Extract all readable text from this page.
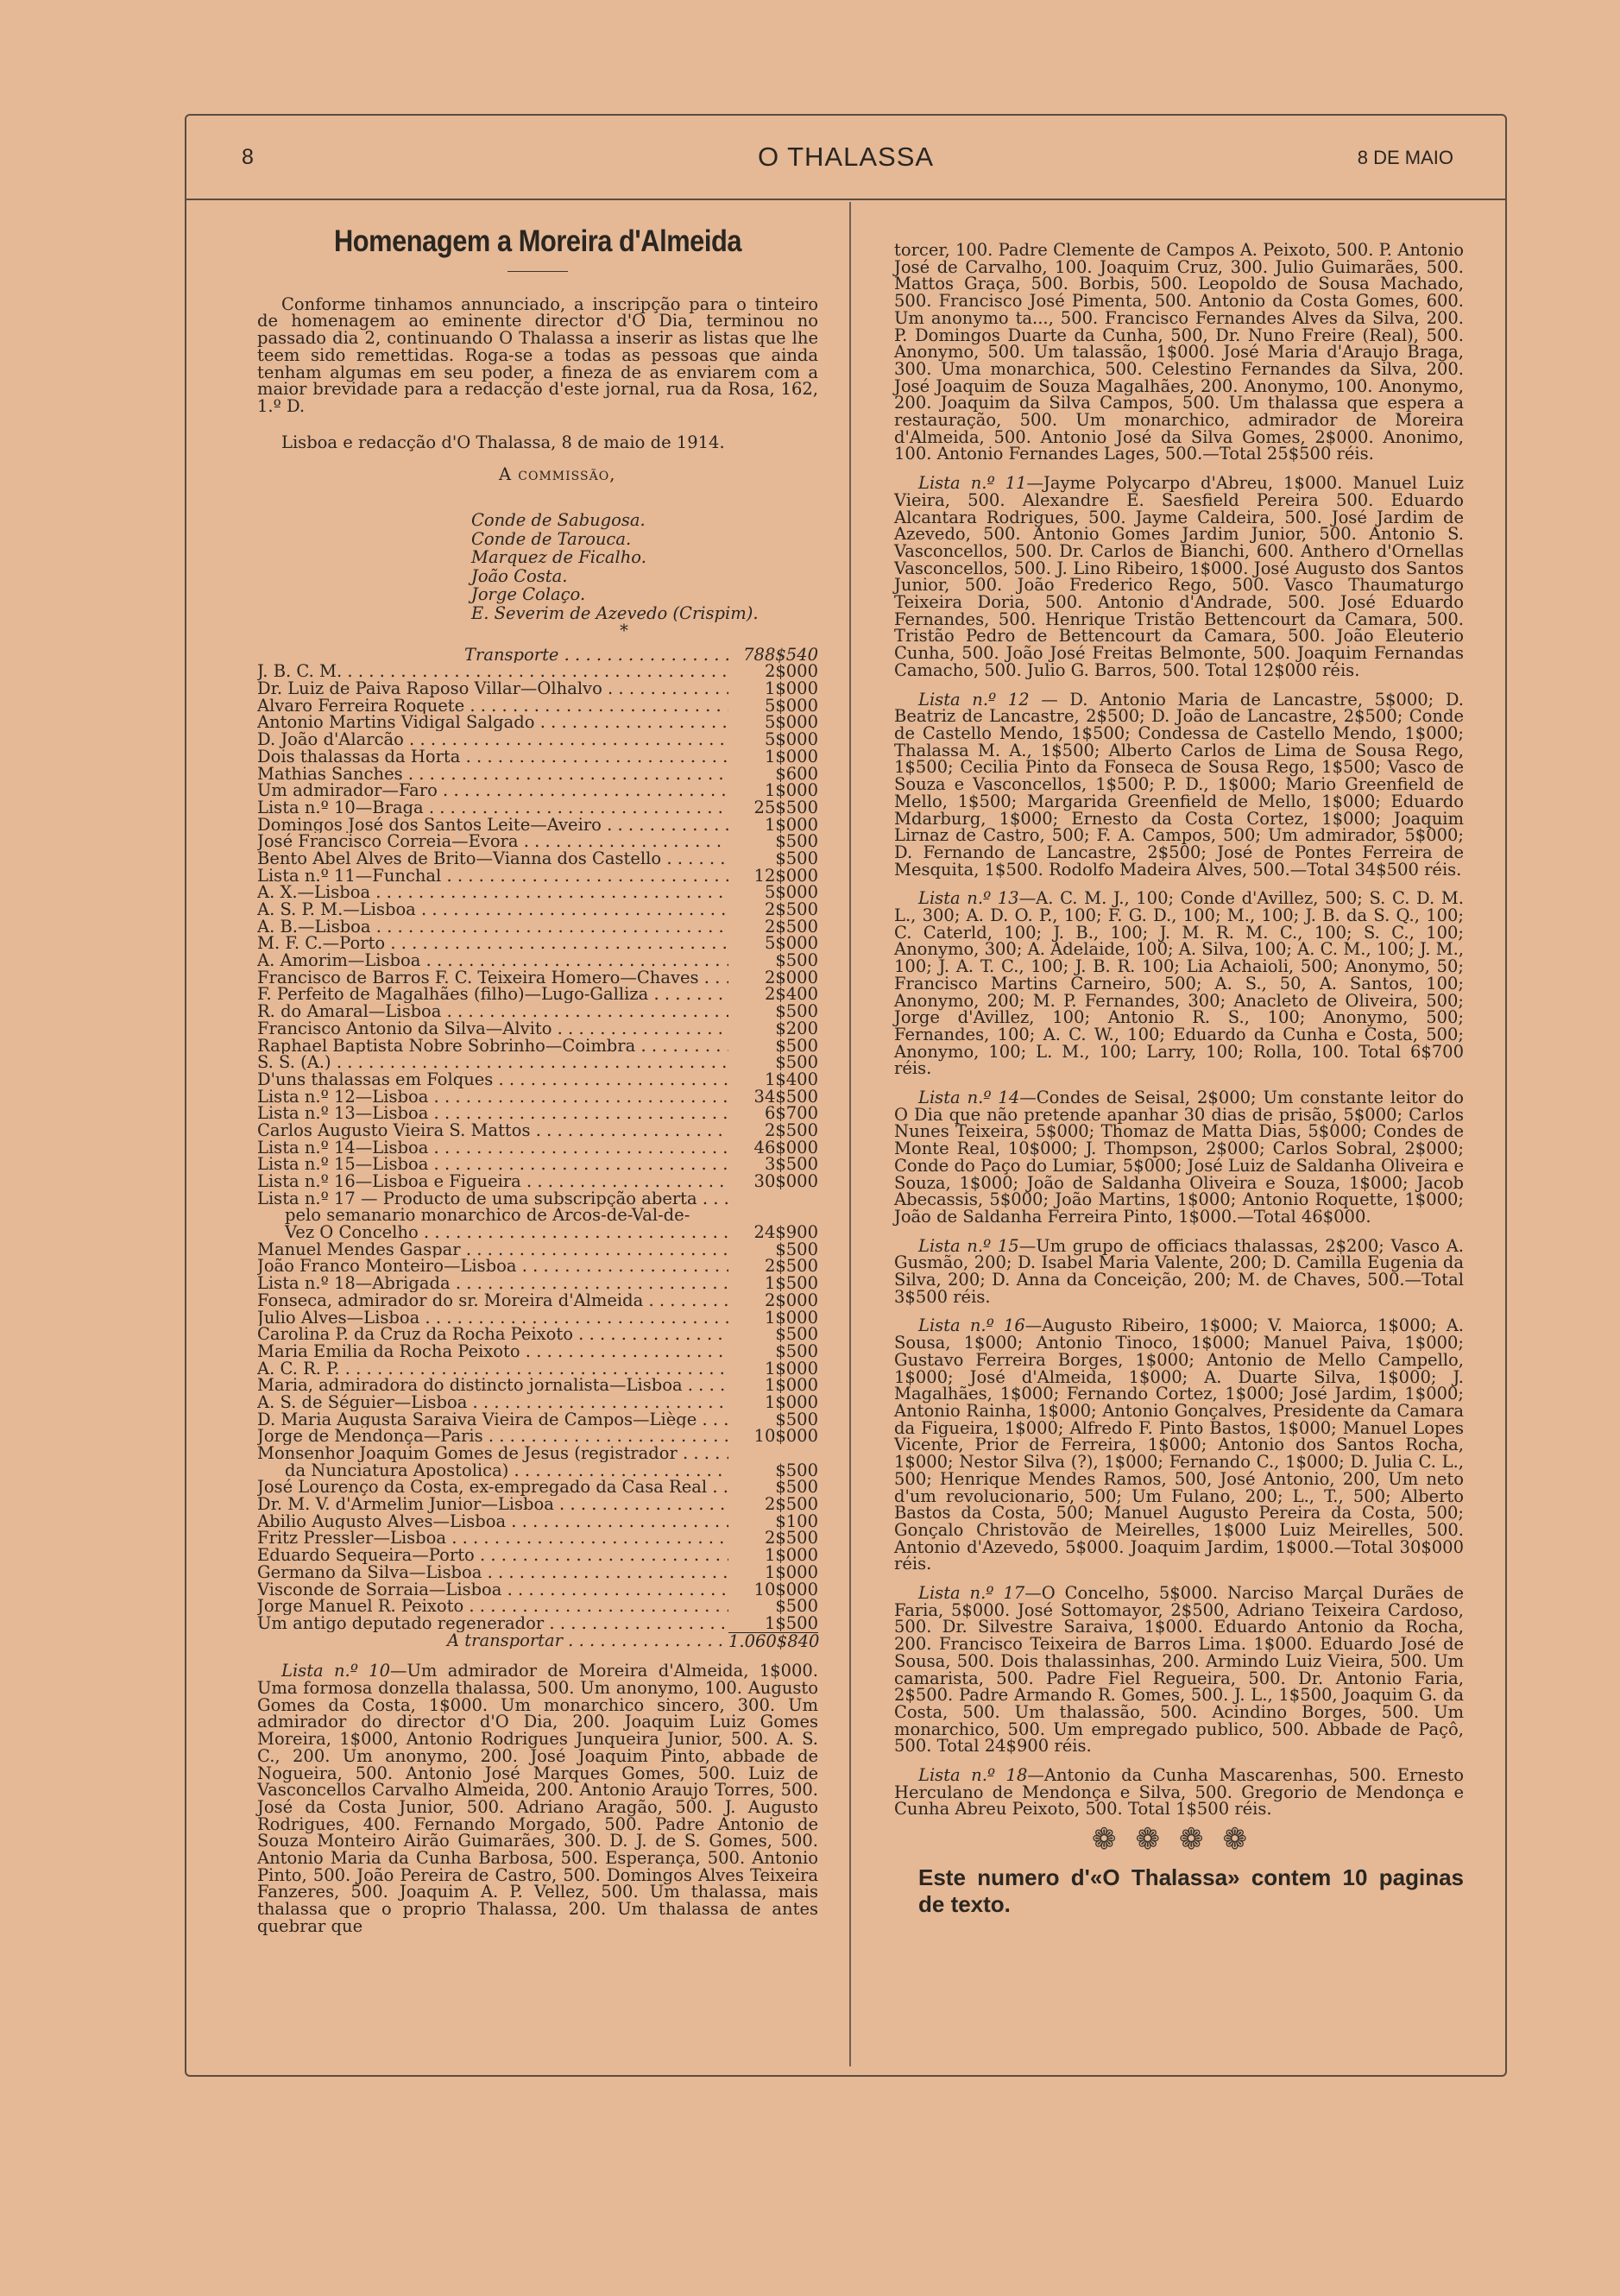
8	O THALASSA	8 DE MAIO
Homenagem a Moreira d'Almeida

Conforme tinhamos annunciado, a inscripção para o tinteiro de homenagem ao eminente director d'O Dia, terminou no passado dia 2, continuando O Thalassa a inserir as listas que lhe teem sido remettidas. Roga-se a todas as pessoas que ainda tenham algumas em seu poder, a fineza de as enviarem com a maior brevidade para a redacção d'este jornal, rua da Rosa, 162, 1.º D.

Lisboa e redacção d'O Thalassa, 8 de maio de 1914.

A commissão,
Conde de Sabugosa.
Conde de Tarouca.
Marquez de Ficalho.
João Costa.
Jorge Colaço.
E. Severim de Azevedo (Crispim).
*
Transporte . . .	788$540
J. B. C. M. . . .	2$000
Dr. Luiz de Paiva Raposo Villar—Olhalvo . . .	1$000
Alvaro Ferreira Roquete . . .	5$000
Antonio Martins Vidigal Salgado . . .	5$000
D. João d'Alarcão . . .	5$000
Dois thalassas da Horta . . .	1$000
Mathias Sanches . . .	$600
Um admirador—Faro . . .	1$000
Lista n.º 10—Braga . . .	25$500
Domingos José dos Santos Leite—Aveiro . . .	1$000
José Francisco Correia—Evora . . .	$500
Bento Abel Alves de Brito—Vianna dos Castello . . .	$500
Lista n.º 11—Funchal . . .	12$000
A. X.—Lisboa . . .	5$000
A. S. P. M.—Lisboa . . .	2$500
A. B.—Lisboa . . .	2$500
M. F. C.—Porto . . .	5$000
A. Amorim—Lisboa . . .	$500
Francisco de Barros F. C. Teixeira Homero—Chaves . . .	2$000
F. Perfeito de Magalhães (filho)—Lugo-Galliza . . .	2$400
R. do Amaral—Lisboa . . .	$500
Francisco Antonio da Silva—Alvito . . .	$200
Raphael Baptista Nobre Sobrinho—Coimbra . . .	$500
S. S. (A.) . . .	$500
D'uns thalassas em Folques . . .	1$400
Lista n.º 12—Lisboa . . .	34$500
Lista n.º 13—Lisboa . . .	6$700
Carlos Augusto Vieira S. Mattos . . .	2$500
Lista n.º 14—Lisboa . . .	46$000
Lista n.º 15—Lisboa . . .	3$500
Lista n.º 16—Lisboa e Figueira . . .	30$000
Lista n.º 17 — Producto de uma subscripção aberta . . .
pelo semanario monarchico de Arcos-de-Val-de-
Vez O Concelho . . .	24$900
Manuel Mendes Gaspar . . .	$500
João Franco Monteiro—Lisboa . . .	2$500
Lista n.º 18—Abrigada . . .	1$500
Fonseca, admirador do sr. Moreira d'Almeida . . .	2$000
Julio Alves—Lisboa . . .	1$000
Carolina P. da Cruz da Rocha Peixoto . . .	$500
Maria Emilia da Rocha Peixoto . . .	$500
A. C. R. P. . . .	1$000
Maria, admiradora do distincto jornalista—Lisboa . . .	1$000
A. S. de Séguier—Lisboa . . .	1$000
D. Maria Augusta Saraiva Vieira de Campos—Liège . . .	$500
Jorge de Mendonça—Paris . . .	10$000
Monsenhor Joaquim Gomes de Jesus (registrador . . .
da Nunciatura Apostolica) . . .	$500
José Lourenço da Costa, ex-empregado da Casa Real . . .	$500
Dr. M. V. d'Armelim Junior—Lisboa . . .	2$500
Abilio Augusto Alves—Lisboa . . .	$100
Fritz Pressler—Lisboa . . .	2$500
Eduardo Sequeira—Porto . . .	1$000
Germano da Silva—Lisboa . . .	1$000
Visconde de Sorraia—Lisboa . . .	10$000
Jorge Manuel R. Peixoto . . .	$500
Um antigo deputado regenerador . . .	1$500
A transportar . . .	1.060$840

Lista n.º 10—Um admirador de Moreira d'Almeida, 1$000. Uma formosa donzella thalassa, 500. Um anonymo, 100. Augusto Gomes da Costa, 1$000. Um monarchico sincero, 300. Um admirador do director d'O Dia, 200. Joaquim Luiz Gomes Moreira, 1$000, Antonio Rodrigues Junqueira Junior, 500. A. S. C., 200. Um anonymo, 200. José Joaquim Pinto, abbade de Nogueira, 500. Antonio José Marques Gomes, 500. Luiz de Vasconcellos Carvalho Almeida, 200. Antonio Araujo Torres, 500. José da Costa Junior, 500. Adriano Aragão, 500. J. Augusto Rodrigues, 400. Fernando Morgado, 500. Padre Antonio de Souza Monteiro Airão Guimarães, 300. D. J. de S. Gomes, 500. Antonio Maria da Cunha Barbosa, 500. Esperança, 500. Antonio Pinto, 500. João Pereira de Castro, 500. Domingos Alves Teixeira Fanzeres, 500. Joaquim A. P. Vellez, 500. Um thalassa, mais thalassa que o proprio Thalassa, 200. Um thalassa de antes quebrar que

torcer, 100. Padre Clemente de Campos A. Peixoto, 500. P. Antonio José de Carvalho, 100. Joaquim Cruz, 300. Julio Guimarães, 500. Mattos Graça, 500. Borbis, 500. Leopoldo de Sousa Machado, 500. Francisco José Pimenta, 500. Antonio da Costa Gomes, 600. Um anonymo ta..., 500. Francisco Fernandes Alves da Silva, 200. P. Domingos Duarte da Cunha, 500, Dr. Nuno Freire (Real), 500. Anonymo, 500. Um talassão, 1$000. José Maria d'Araujo Braga, 300. Uma monarchica, 500. Celestino Fernandes da Silva, 200. José Joaquim de Souza Magalhães, 200. Anonymo, 100. Anonymo, 200. Joaquim da Silva Campos, 500. Um thalassa que espera a restauração, 500. Um monarchico, admirador de Moreira d'Almeida, 500. Antonio José da Silva Gomes, 2$000. Anonimo, 100. Antonio Fernandes Lages, 500.—Total 25$500 réis.

Lista n.º 11—Jayme Polycarpo d'Abreu, 1$000. Manuel Luiz Vieira, 500. Alexandre E. Saesfield Pereira 500. Eduardo Alcantara Rodrigues, 500. Jayme Caldeira, 500. José Jardim de Azevedo, 500. Antonio Gomes Jardim Junior, 500. Antonio S. Vasconcellos, 500. Dr. Carlos de Bianchi, 600. Anthero d'Ornellas Vasconcellos, 500. J. Lino Ribeiro, 1$000. José Augusto dos Santos Junior, 500. João Frederico Rego, 500. Vasco Thaumaturgo Teixeira Doria, 500. Antonio d'Andrade, 500. José Eduardo Fernandes, 500. Henrique Tristão Bettencourt da Camara, 500. Tristão Pedro de Bettencourt da Camara, 500. João Eleuterio Cunha, 500. João José Freitas Belmonte, 500. Joaquim Fernandas Camacho, 500. Julio G. Barros, 500. Total 12$000 réis.

Lista n.º 12 — D. Antonio Maria de Lancastre, 5$000; D. Beatriz de Lancastre, 2$500; D. João de Lancastre, 2$500; Conde de Castello Mendo, 1$500; Condessa de Castello Mendo, 1$000; Thalassa M. A., 1$500; Alberto Carlos de Lima de Sousa Rego, 1$500; Cecilia Pinto da Fonseca de Sousa Rego, 1$500; Vasco de Souza e Vasconcellos, 1$500; P. D., 1$000; Mario Greenfield de Mello, 1$500; Margarida Greenfield de Mello, 1$000; Eduardo Mdarburg, 1$000; Ernesto da Costa Cortez, 1$000; Joaquim Lirnaz de Castro, 500; F. A. Campos, 500; Um admirador, 5$000; D. Fernando de Lancastre, 2$500; José de Pontes Ferreira de Mesquita, 1$500. Rodolfo Madeira Alves, 500.—Total 34$500 réis.

Lista n.º 13—A. C. M. J., 100; Conde d'Avillez, 500; S. C. D. M. L., 300; A. D. O. P., 100; F. G. D., 100; M., 100; J. B. da S. Q., 100; C. Caterld, 100; J. B., 100; J. M. R. M. C., 100; S. C., 100; Anonymo, 300; A. Adelaide, 100; A. Silva, 100; A. C. M., 100; J. M., 100; J. A. T. C., 100; J. B. R. 100; Lia Achaioli, 500; Anonymo, 50; Francisco Martins Carneiro, 500; A. S., 50, A. Santos, 100; Anonymo, 200; M. P. Fernandes, 300; Anacleto de Oliveira, 500; Jorge d'Avillez, 100; Antonio R. S., 100; Anonymo, 500; Fernandes, 100; A. C. W., 100; Eduardo da Cunha e Costa, 500; Anonymo, 100; L. M., 100; Larry, 100; Rolla, 100. Total 6$700 réis.

Lista n.º 14—Condes de Seisal, 2$000; Um constante leitor do O Dia que não pretende apanhar 30 dias de prisão, 5$000; Carlos Nunes Teixeira, 5$000; Thomaz de Matta Dias, 5$000; Condes de Monte Real, 10$000; J. Thompson, 2$000; Carlos Sobral, 2$000; Conde do Paço do Lumiar, 5$000; José Luiz de Saldanha Oliveira e Souza, 1$000; João de Saldanha Oliveira e Souza, 1$000; Jacob Abecassis, 5$000; João Martins, 1$000; Antonio Roquette, 1$000; João de Saldanha Ferreira Pinto, 1$000.—Total 46$000.

Lista n.º 15—Um grupo de officiacs thalassas, 2$200; Vasco A. Gusmão, 200; D. Isabel Maria Valente, 200; D. Camilla Eugenia da Silva, 200; D. Anna da Conceição, 200; M. de Chaves, 500.—Total 3$500 réis.

Lista n.º 16—Augusto Ribeiro, 1$000; V. Maiorca, 1$000; A. Sousa, 1$000; Antonio Tinoco, 1$000; Manuel Paiva, 1$000; Gustavo Ferreira Borges, 1$000; Antonio de Mello Campello, 1$000; José d'Almeida, 1$000; A. Duarte Silva, 1$000; J. Magalhães, 1$000; Fernando Cortez, 1$000; José Jardim, 1$000; Antonio Rainha, 1$000; Antonio Gonçalves, Presidente da Camara da Figueira, 1$000; Alfredo F. Pinto Bastos, 1$000; Manuel Lopes Vicente, Prior de Ferreira, 1$000; Antonio dos Santos Rocha, 1$000; Nestor Silva (?), 1$000; Fernando C., 1$000; D. Julia C. L., 500; Henrique Mendes Ramos, 500, José Antonio, 200, Um neto d'um revolucionario, 500; Um Fulano, 200; L., T., 500; Alberto Bastos da Costa, 500; Manuel Augusto Pereira da Costa, 500; Gonçalo Christovão de Meirelles, 1$000 Luiz Meirelles, 500. Antonio d'Azevedo, 5$000. Joaquim Jardim, 1$000.—Total 30$000 réis.

Lista n.º 17—O Concelho, 5$000. Narciso Marçal Durães de Faria, 5$000. José Sottomayor, 2$500, Adriano Teixeira Cardoso, 500. Dr. Silvestre Saraiva, 1$000. Eduardo Antonio da Rocha, 200. Francisco Teixeira de Barros Lima. 1$000. Eduardo José de Sousa, 500. Dois thalassinhas, 200. Armindo Luiz Vieira, 500. Um camarista, 500. Padre Fiel Regueira, 500. Dr. Antonio Faria, 2$500. Padre Armando R. Gomes, 500. J. L., 1$500, Joaquim G. da Costa, 500. Um thalassão, 500. Acindino Borges, 500. Um monarchico, 500. Um empregado publico, 500. Abbade de Paçô, 500. Total 24$900 réis.

Lista n.º 18—Antonio da Cunha Mascarenhas, 500. Ernesto Herculano de Mendonça e Silva, 500. Gregorio de Mendonça e Cunha Abreu Peixoto, 500. Total 1$500 réis.

❁❁❁❁

Este numero d'«O Thalassa» contem 10 paginas de texto.
